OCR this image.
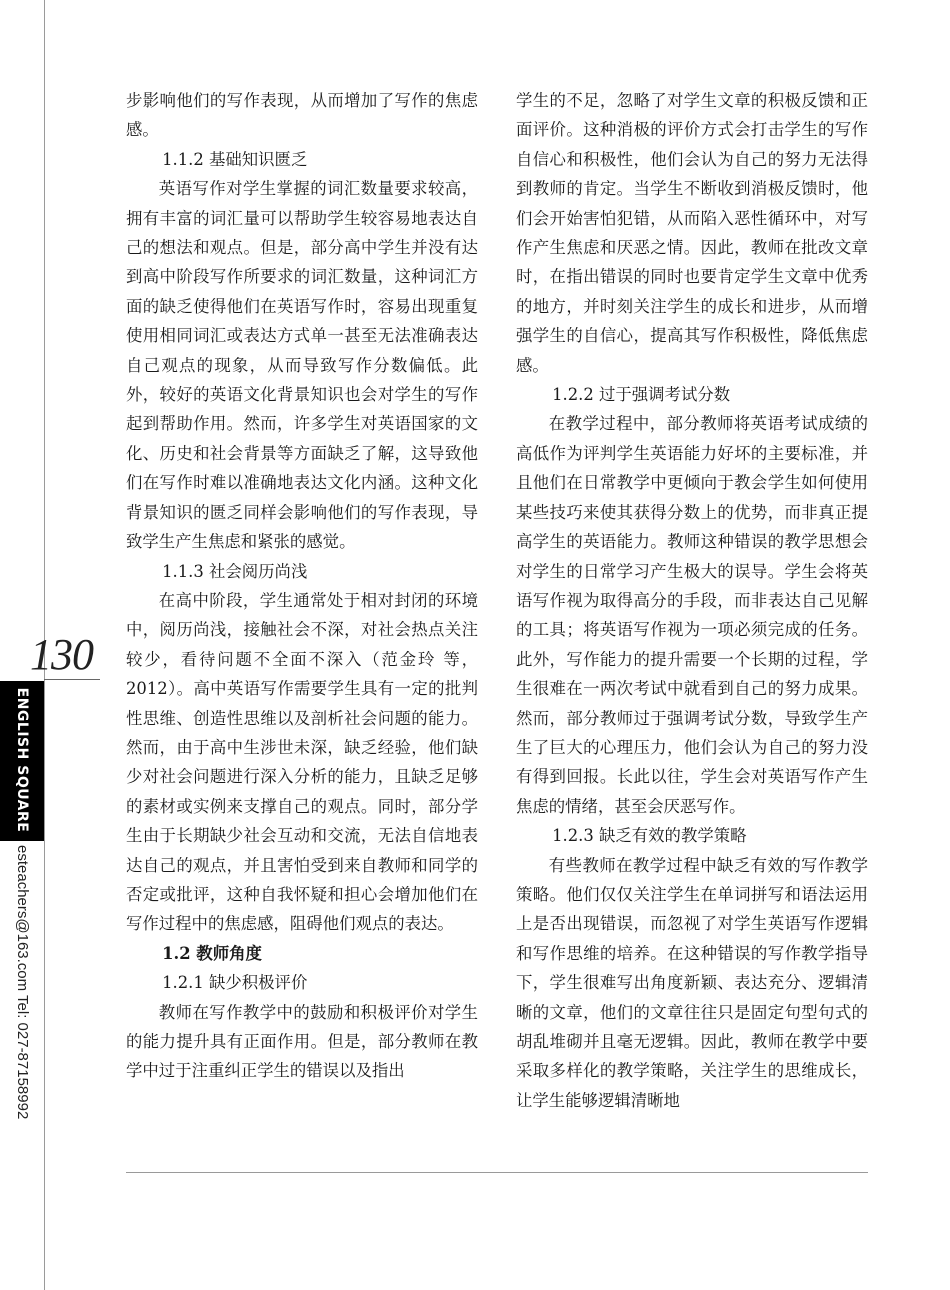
130
ENGLISH SQUARE
esteachers@163.com Tel: 027-87158992

步影响他们的写作表现，从而增加了写作的焦虑感。

1.1.2 基础知识匮乏

英语写作对学生掌握的词汇数量要求较高，拥有丰富的词汇量可以帮助学生较容易地表达自己的想法和观点。但是，部分高中学生并没有达到高中阶段写作所要求的词汇数量，这种词汇方面的缺乏使得他们在英语写作时，容易出现重复使用相同词汇或表达方式单一甚至无法准确表达自己观点的现象，从而导致写作分数偏低。此外，较好的英语文化背景知识也会对学生的写作起到帮助作用。然而，许多学生对英语国家的文化、历史和社会背景等方面缺乏了解，这导致他们在写作时难以准确地表达文化内涵。这种文化背景知识的匮乏同样会影响他们的写作表现，导致学生产生焦虑和紧张的感觉。

1.1.3 社会阅历尚浅

在高中阶段，学生通常处于相对封闭的环境中，阅历尚浅，接触社会不深，对社会热点关注较少，看待问题不全面不深入（范金玲 等，2012）。高中英语写作需要学生具有一定的批判性思维、创造性思维以及剖析社会问题的能力。然而，由于高中生涉世未深，缺乏经验，他们缺少对社会问题进行深入分析的能力，且缺乏足够的素材或实例来支撑自己的观点。同时，部分学生由于长期缺少社会互动和交流，无法自信地表达自己的观点，并且害怕受到来自教师和同学的否定或批评，这种自我怀疑和担心会增加他们在写作过程中的焦虑感，阻碍他们观点的表达。

1.2 教师角度

1.2.1 缺少积极评价

教师在写作教学中的鼓励和积极评价对学生的能力提升具有正面作用。但是，部分教师在教学中过于注重纠正学生的错误以及指出

学生的不足，忽略了对学生文章的积极反馈和正面评价。这种消极的评价方式会打击学生的写作自信心和积极性，他们会认为自己的努力无法得到教师的肯定。当学生不断收到消极反馈时，他们会开始害怕犯错，从而陷入恶性循环中，对写作产生焦虑和厌恶之情。因此，教师在批改文章时，在指出错误的同时也要肯定学生文章中优秀的地方，并时刻关注学生的成长和进步，从而增强学生的自信心，提高其写作积极性，降低焦虑感。

1.2.2 过于强调考试分数

在教学过程中，部分教师将英语考试成绩的高低作为评判学生英语能力好坏的主要标准，并且他们在日常教学中更倾向于教会学生如何使用某些技巧来使其获得分数上的优势，而非真正提高学生的英语能力。教师这种错误的教学思想会对学生的日常学习产生极大的误导。学生会将英语写作视为取得高分的手段，而非表达自己见解的工具；将英语写作视为一项必须完成的任务。此外，写作能力的提升需要一个长期的过程，学生很难在一两次考试中就看到自己的努力成果。然而，部分教师过于强调考试分数，导致学生产生了巨大的心理压力，他们会认为自己的努力没有得到回报。长此以往，学生会对英语写作产生焦虑的情绪，甚至会厌恶写作。

1.2.3 缺乏有效的教学策略

有些教师在教学过程中缺乏有效的写作教学策略。他们仅仅关注学生在单词拼写和语法运用上是否出现错误，而忽视了对学生英语写作逻辑和写作思维的培养。在这种错误的写作教学指导下，学生很难写出角度新颖、表达充分、逻辑清晰的文章，他们的文章往往只是固定句型句式的胡乱堆砌并且毫无逻辑。因此，教师在教学中要采取多样化的教学策略，关注学生的思维成长，让学生能够逻辑清晰地
